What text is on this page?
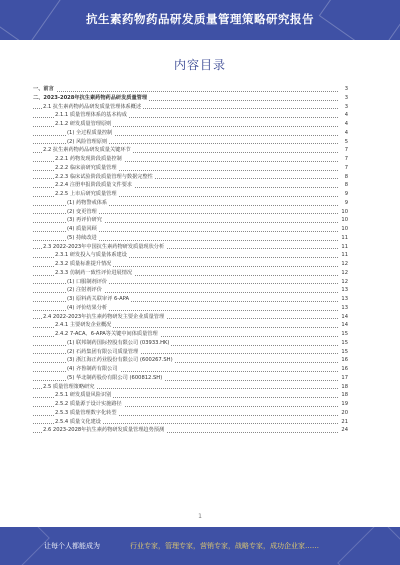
抗生素药物药品研发质量管理策略研究报告
内容目录
一、前言	3
二、2023-2028年抗生素药物药品研发质量管理	3
2.1 抗生素药物药品研发质量管理体系概述	3
2.1.1 质量管理体系的基本构成	4
2.1.2 研发质量管理原则	4
(1) 全过程质量控制	4
(2) 风险管理原则	5
2.2 抗生素药物药品研发质量关键环节	7
2.2.1 药物发现阶段质量控制	7
2.2.2 临床前研究质量管理	7
2.2.3 临床试验阶段质量管理与数据完整性	8
2.2.4 注册申报阶段质量文件要求	8
2.2.5 上市后研究质量管理	9
(1) 药物警戒体系	9
(2) 变更管理	10
(3) 再评价研究	10
(4) 质量回顾	10
(5) 持续改进	11
2.3 2022-2023年中国抗生素药物研发质量现状分析	11
2.3.1 研发投入与质量体系建设	11
2.3.2 质量标准提升情况	12
2.3.3 仿制药一致性评价进展情况	12
(1) 口服制剂评价	12
(2) 注射剂评价	13
(3) 原料药关联审评 6-APA	13
(4) 评价结果分析	13
2.4 2022-2023年抗生素药物研发主要企业质量管理	14
2.4.1 主要研发企业概况	14
2.4.2 7-ACA、6-APA等关键中间体质量管理	15
(1) 联邦制药国际控股有限公司 (03933.HK)	15
(2) 石药集团有限公司质量管理	15
(3) 浙江海正药业股份有限公司 (600267.SH)	16
(4) 齐鲁制药有限公司	16
(5) 华北制药股份有限公司 (600812.SH)	17
2.5 质量管理策略研究	18
2.5.1 研发质量风险识别	18
2.5.2 质量源于设计实施路径	19
2.5.3 质量管理数字化转型	20
2.5.4 质量文化建设	21
2.6 2023-2028年抗生素药物研发质量管理趋势预测	24
1
让每个人都能成为	行业专家，管理专家，营销专家，战略专家，成功企业家……
